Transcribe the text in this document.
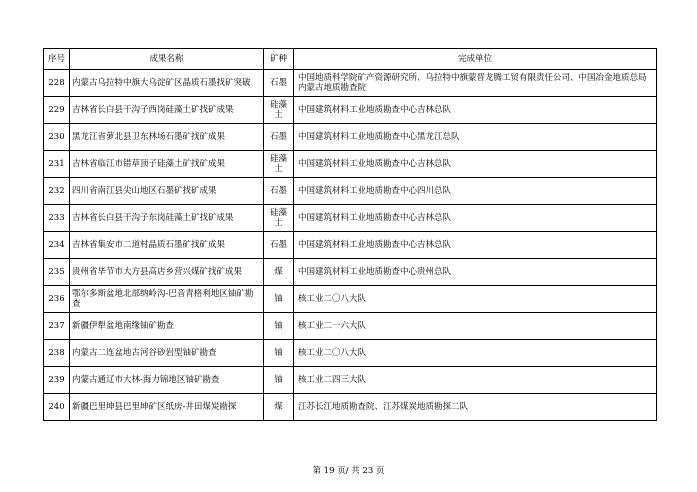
序号	成果名称	矿种	完成单位
228	内蒙古乌拉特中旗大乌淀矿区晶质石墨找矿突破	石墨	中国地质科学院矿产资源研究所、乌拉特中旗蒙晋龙腾工贸有限责任公司、中国冶金地质总局内蒙古地质勘查院
229	吉林省长白县干沟子西岗硅藻土矿找矿成果	硅藻土	中国建筑材料工业地质勘查中心吉林总队
230	黑龙江省萝北县卫东林场石墨矿找矿成果	石墨	中国建筑材料工业地质勘查中心黑龙江总队
231	吉林省临江市错草顶子硅藻土矿找矿成果	硅藻土	中国建筑材料工业地质勘查中心吉林总队
232	四川省南江县尖山地区石墨矿找矿成果	石墨	中国建筑材料工业地质勘查中心四川总队
233	吉林省长白县干沟子东岗硅藻土矿找矿成果	硅藻土	中国建筑材料工业地质勘查中心吉林总队
234	吉林省集安市二道村晶质石墨矿找矿成果	石墨	中国建筑材料工业地质勘查中心吉林总队
235	贵州省毕节市大方县高店乡营兴煤矿找矿成果	煤	中国建筑材料工业地质勘查中心贵州总队
236	鄂尔多斯盆地北部纳岭沟-巴音青格利地区铀矿勘查	铀	核工业二〇八大队
237	新疆伊犁盆地南缘铀矿勘查	铀	核工业二一六大队
238	内蒙古二连盆地古河谷砂岩型铀矿勘查	铀	核工业二〇八大队
239	内蒙古通辽市大林-海力锦地区铀矿勘查	铀	核工业二四三大队
240	新疆巴里坤县巴里坤矿区纸房-井田煤炭勘探	煤	江苏长江地质勘查院、江苏煤炭地质勘探二队
第 19 页/ 共 23 页
